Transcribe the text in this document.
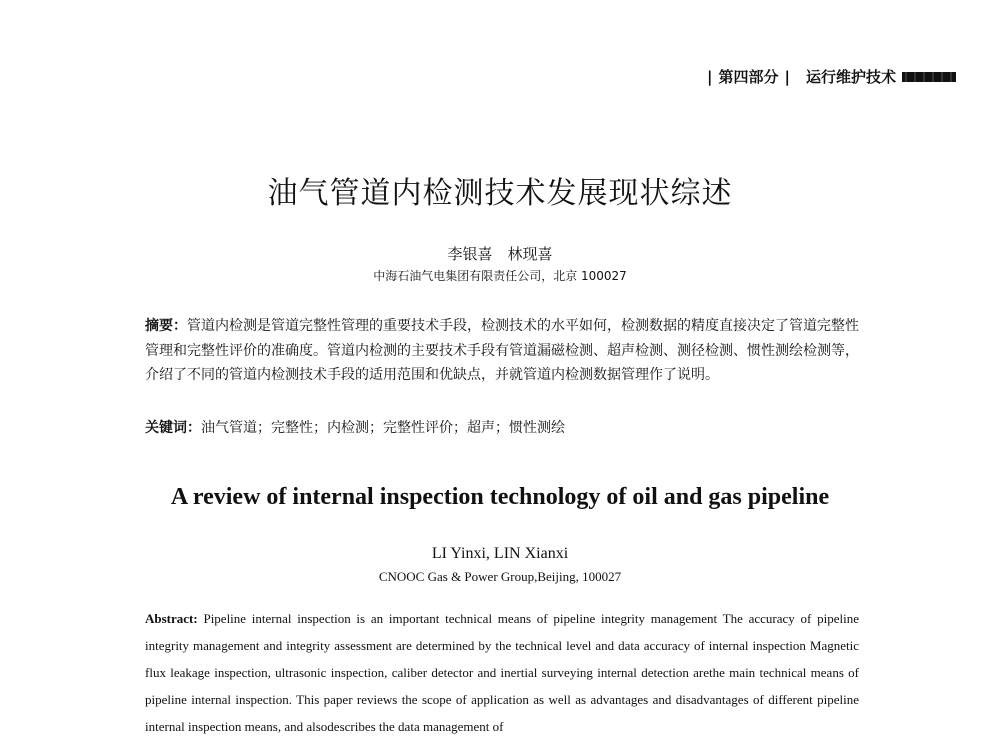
| 第四部分 | 运行维护技术
油气管道内检测技术发展现状综述
李银喜　林现喜
中海石油气电集团有限责任公司，北京 100027
摘要：管道内检测是管道完整性管理的重要技术手段，检测技术的水平如何，检测数据的精度直接决定了管道完整性管理和完整性评价的准确度。管道内检测的主要技术手段有管道漏磁检测、超声检测、测径检测、惯性测绘检测等，介绍了不同的管道内检测技术手段的适用范围和优缺点，并就管道内检测数据管理作了说明。
关键词：油气管道；完整性；内检测；完整性评价；超声；惯性测绘
A review of internal inspection technology of oil and gas pipeline
LI Yinxi, LIN Xianxi
CNOOC Gas & Power Group,Beijing, 100027
Abstract: Pipeline internal inspection is an important technical means of pipeline integrity management The accuracy of pipeline integrity management and integrity assessment are determined by the technical level and data accuracy of internal inspection Magnetic flux leakage inspection, ultrasonic inspection, caliber detector and inertial surveying internal detection arethe main technical means of pipeline internal inspection. This paper reviews the scope of application as well as advantages and disadvantages of different pipeline internal inspection means, and alsodescribes the data management of
